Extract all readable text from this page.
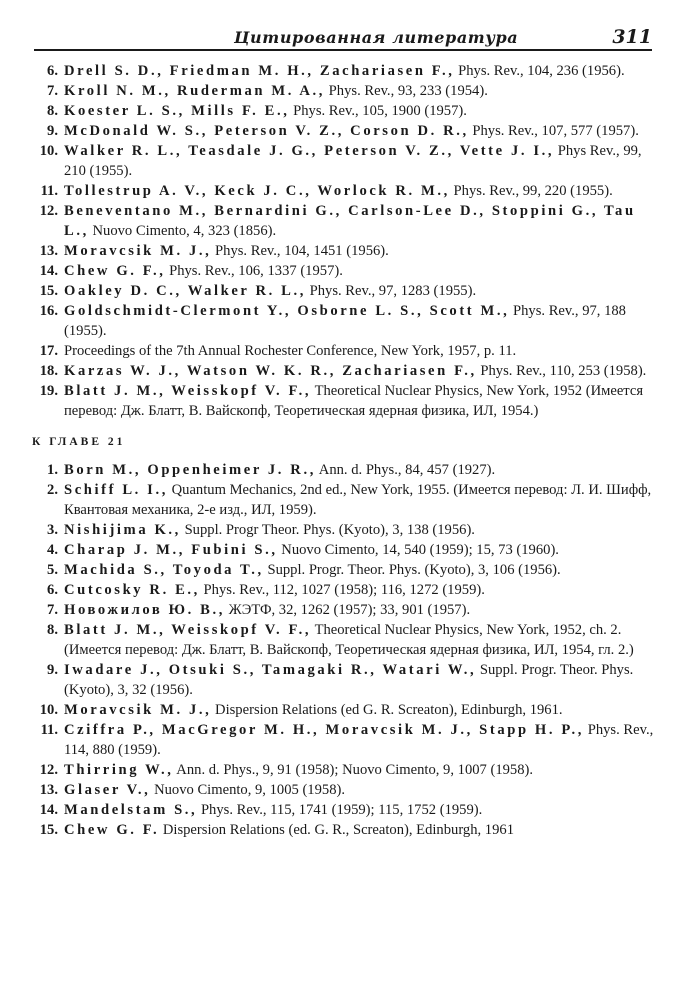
Цитированная литература	311
6. Drell S. D., Friedman M. H., Zachariasen F., Phys. Rev., 104, 236 (1956).
7. Kroll N. M., Ruderman M. A., Phys. Rev., 93, 233 (1954).
8. Koester L. S., Mills F. E., Phys. Rev., 105, 1900 (1957).
9. McDonald W. S., Peterson V. Z., Corson D. R., Phys. Rev., 107, 577 (1957).
10. Walker R. L., Teasdale J. G., Peterson V. Z., Vette J. I., Phys Rev., 99, 210 (1955).
11. Tollestrup A. V., Keck J. C., Worlock R. M., Phys. Rev., 99, 220 (1955).
12. Beneventano M., Bernardini G., Carlson-Lee D., Stoppini G., Tau L., Nuovo Cimento, 4, 323 (1856).
13. Moravcsik M. J., Phys. Rev., 104, 1451 (1956).
14. Chew G. F., Phys. Rev., 106, 1337 (1957).
15. Oakley D. C., Walker R. L., Phys. Rev., 97, 1283 (1955).
16. Goldschmidt-Clermont Y., Osborne L. S., Scott M., Phys. Rev., 97, 188 (1955).
17. Proceedings of the 7th Annual Rochester Conference, New York, 1957, p. 11.
18. Karzas W. J., Watson W. K. R., Zachariasen F., Phys. Rev., 110, 253 (1958).
19. Blatt J. M., Weisskopf V. F., Theoretical Nuclear Physics, New York, 1952 (Имеется перевод: Дж. Блатт, В. Вайскопф, Теоретическая ядерная физика, ИЛ, 1954.)
К ГЛАВЕ 21
1. Born M., Oppenheimer J. R., Ann. d. Phys., 84, 457 (1927).
2. Schiff L. I., Quantum Mechanics, 2nd ed., New York, 1955. (Имеется перевод: Л. И. Шифф, Квантовая механика, 2-е изд., ИЛ, 1959).
3. Nishijima K., Suppl. Progr Theor. Phys. (Kyoto), 3, 138 (1956).
4. Charap J. M., Fubini S., Nuovo Cimento, 14, 540 (1959); 15, 73 (1960).
5. Machida S., Toyoda T., Suppl. Progr. Theor. Phys. (Kyoto), 3, 106 (1956).
6. Cutcosky R. E., Phys. Rev., 112, 1027 (1958); 116, 1272 (1959).
7. Новожилов Ю. В., ЖЭТФ, 32, 1262 (1957); 33, 901 (1957).
8. Blatt J. M., Weisskopf V. F., Theoretical Nuclear Physics, New York, 1952, ch. 2. (Имеется перевод: Дж. Блатт, В. Вайскопф, Теоретическая ядерная физика, ИЛ, 1954, гл. 2.)
9. Iwadare J., Otsuki S., Tamagaki R., Watari W., Suppl. Progr. Theor. Phys. (Kyoto), 3, 32 (1956).
10. Moravcsik M. J., Dispersion Relations (ed G. R. Screaton), Edinburgh, 1961.
11. Cziffra P., MacGregor M. H., Moravcsik M. J., Stapp H. P., Phys. Rev., 114, 880 (1959).
12. Thirring W., Ann. d. Phys., 9, 91 (1958); Nuovo Cimento, 9, 1007 (1958).
13. Glaser V., Nuovo Cimento, 9, 1005 (1958).
14. Mandelstam S., Phys. Rev., 115, 1741 (1959); 115, 1752 (1959).
15. Chew G. F. Dispersion Relations (ed. G. R., Screaton), Edinburgh, 1961
